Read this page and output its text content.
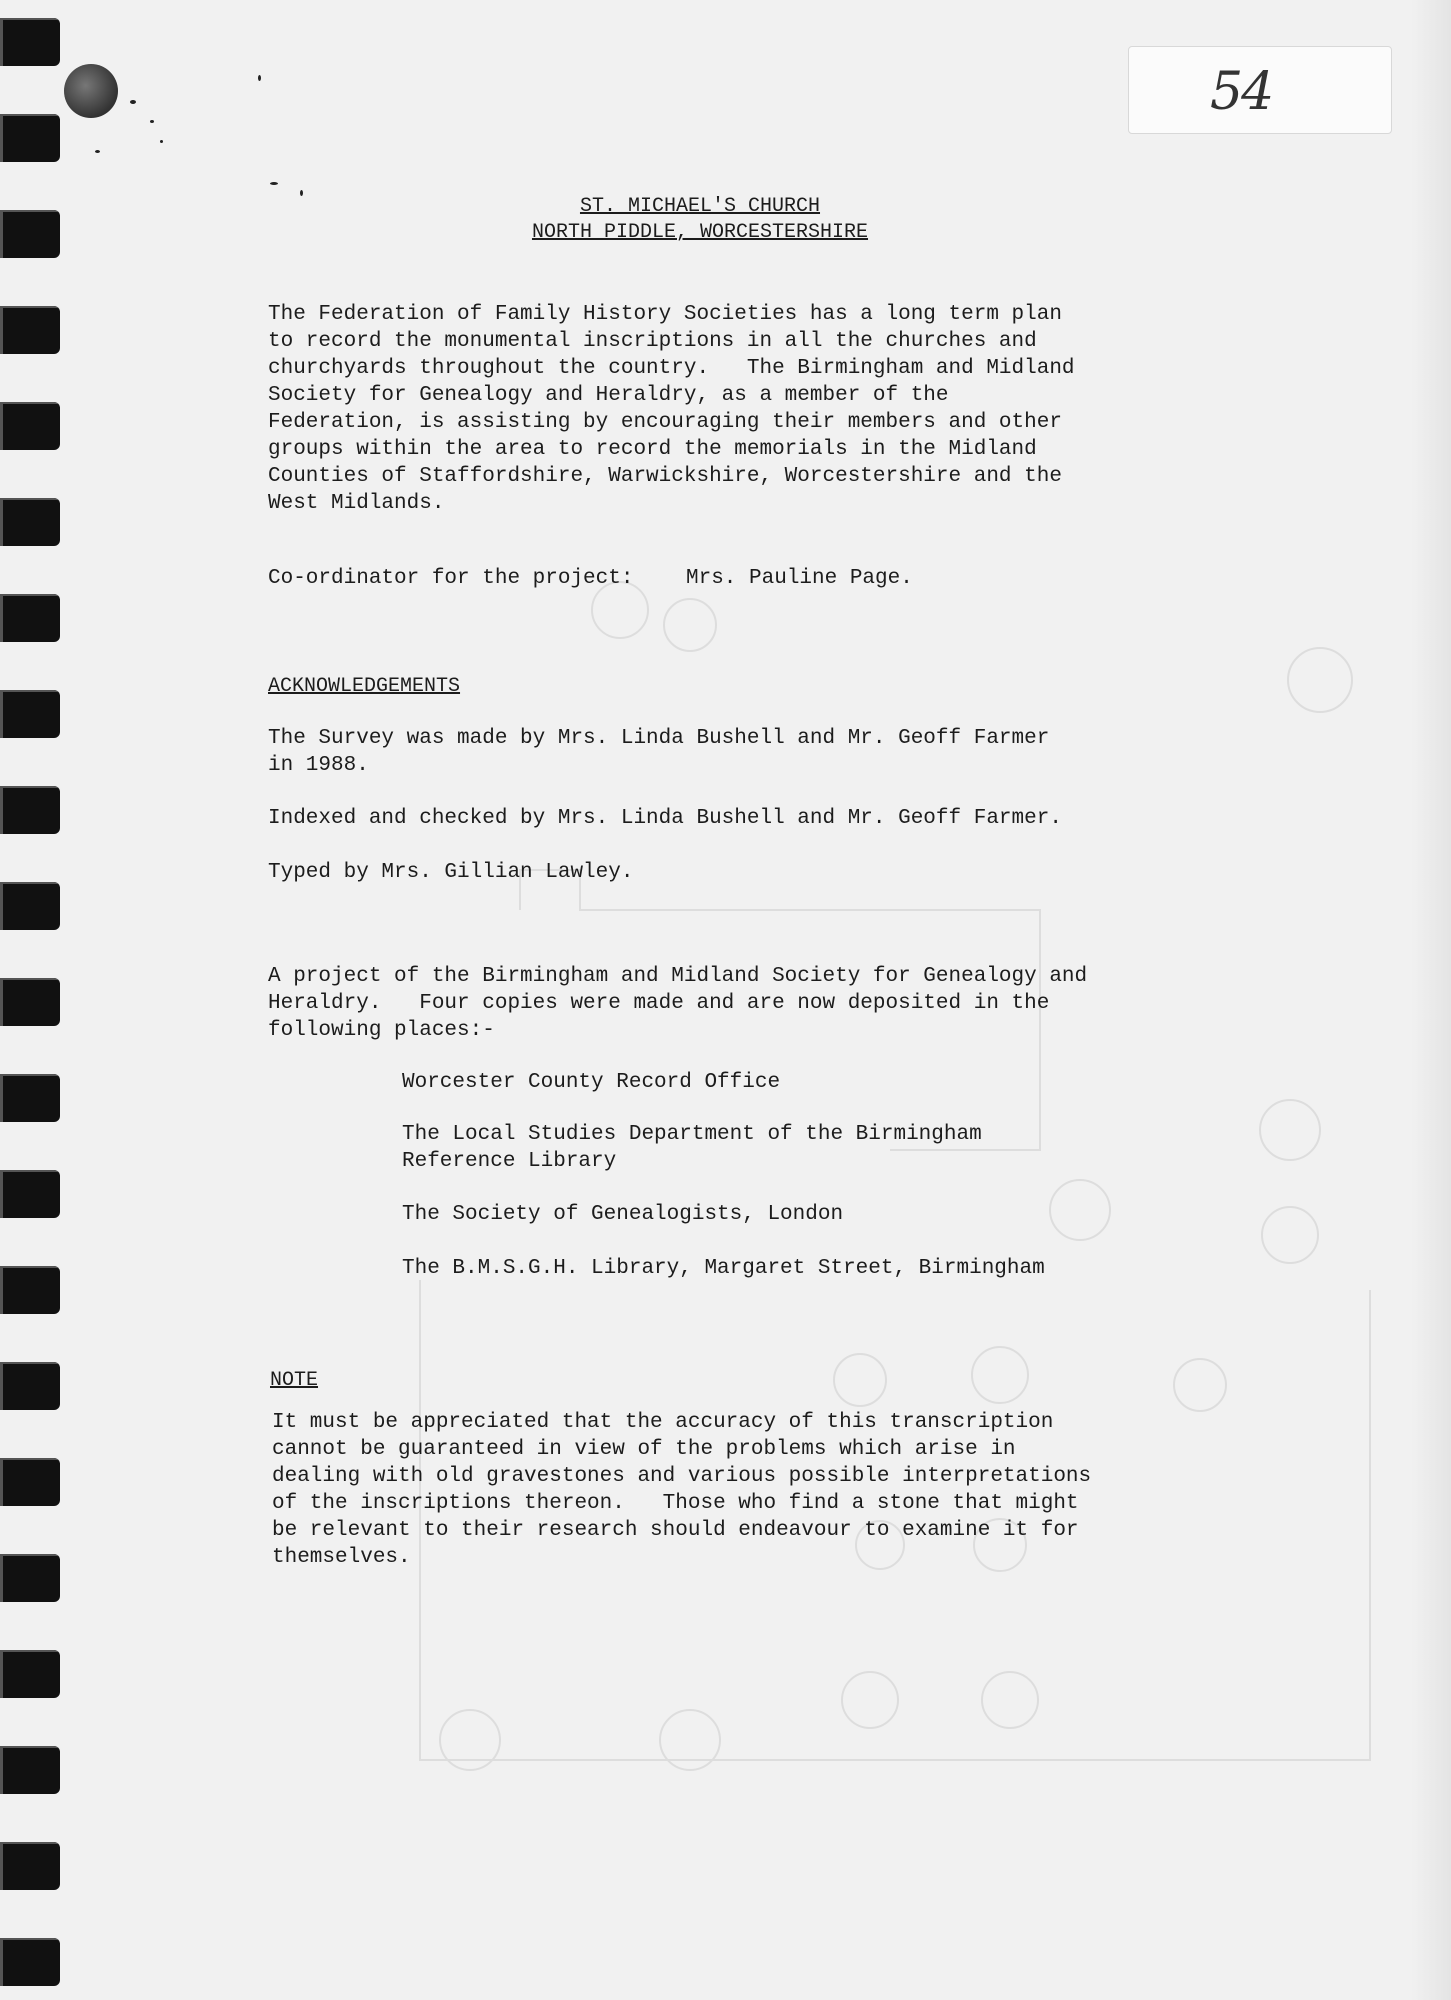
54
ST. MICHAEL'S CHURCH
NORTH PIDDLE, WORCESTERSHIRE
The Federation of Family History Societies has a long term plan
to record the monumental inscriptions in all the churches and
churchyards throughout the country.   The Birmingham and Midland
Society for Genealogy and Heraldry, as a member of the
Federation, is assisting by encouraging their members and other
groups within the area to record the memorials in the Midland
Counties of Staffordshire, Warwickshire, Worcestershire and the
West Midlands.
Co-ordinator for the project:	Mrs. Pauline Page.
ACKNOWLEDGEMENTS
The Survey was made by Mrs. Linda Bushell and Mr. Geoff Farmer
in 1988.
Indexed and checked by Mrs. Linda Bushell and Mr. Geoff Farmer.
Typed by Mrs. Gillian Lawley.
A project of the Birmingham and Midland Society for Genealogy and
Heraldry.   Four copies were made and are now deposited in the
following places:-
Worcester County Record Office
The Local Studies Department of the Birmingham
Reference Library
The Society of Genealogists, London
The B.M.S.G.H. Library, Margaret Street, Birmingham
NOTE
It must be appreciated that the accuracy of this transcription
cannot be guaranteed in view of the problems which arise in
dealing with old gravestones and various possible interpretations
of the inscriptions thereon.   Those who find a stone that might
be relevant to their research should endeavour to examine it for
themselves.
